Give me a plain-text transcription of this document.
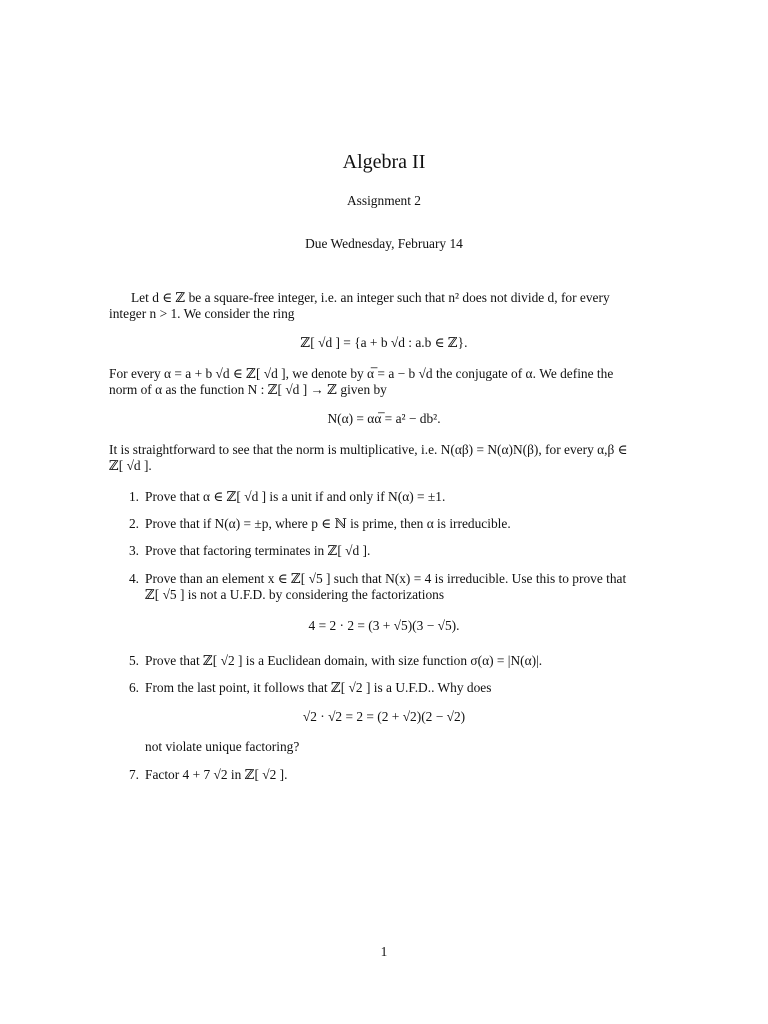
Algebra II
Assignment 2
Due Wednesday, February 14
Let d ∈ ℤ be a square-free integer, i.e. an integer such that n² does not divide d, for every
integer n > 1. We consider the ring
ℤ[ √d ] = {a + b √d : a.b ∈ ℤ}.
For every α = a + b √d ∈ ℤ[ √d ], we denote by α̅ = a − b √d the conjugate of α. We define the
norm of α as the function N : ℤ[ √d ] → ℤ given by
N(α) = αα̅ = a² − db².
It is straightforward to see that the norm is multiplicative, i.e. N(αβ) = N(α)N(β), for every α,β ∈
ℤ[ √d ].
1. Prove that α ∈ ℤ[ √d ] is a unit if and only if N(α) = ±1.
2. Prove that if N(α) = ±p, where p ∈ ℕ is prime, then α is irreducible.
3. Prove that factoring terminates in ℤ[ √d ].
4. Prove than an element x ∈ ℤ[ √5 ] such that N(x) = 4 is irreducible. Use this to prove that
ℤ[ √5 ] is not a U.F.D. by considering the factorizations
4 = 2 · 2 = (3 + √5)(3 − √5).
5. Prove that ℤ[ √2 ] is a Euclidean domain, with size function σ(α) = |N(α)|.
6. From the last point, it follows that ℤ[ √2 ] is a U.F.D.. Why does
√2 · √2 = 2 = (2 + √2)(2 − √2)
not violate unique factoring?
7. Factor 4 + 7 √2 in ℤ[ √2 ].
1
